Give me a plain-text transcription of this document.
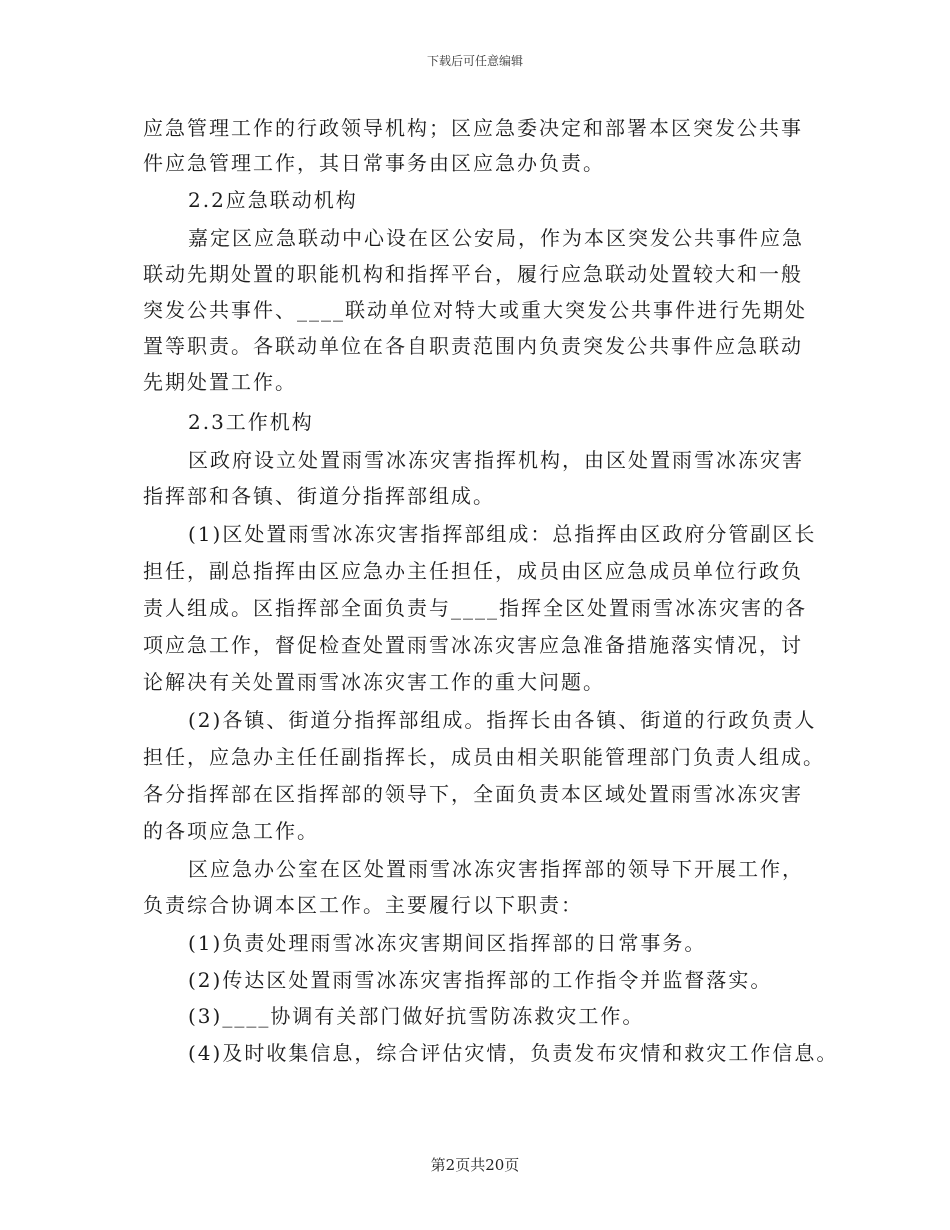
下载后可任意编辑
应急管理工作的行政领导机构；区应急委决定和部署本区突发公共事
件应急管理工作，其日常事务由区应急办负责。
2.2应急联动机构
嘉定区应急联动中心设在区公安局，作为本区突发公共事件应急
联动先期处置的职能机构和指挥平台，履行应急联动处置较大和一般
突发公共事件、____联动单位对特大或重大突发公共事件进行先期处
置等职责。各联动单位在各自职责范围内负责突发公共事件应急联动
先期处置工作。
2.3工作机构
区政府设立处置雨雪冰冻灾害指挥机构，由区处置雨雪冰冻灾害
指挥部和各镇、街道分指挥部组成。
(1)区处置雨雪冰冻灾害指挥部组成：总指挥由区政府分管副区长
担任，副总指挥由区应急办主任担任，成员由区应急成员单位行政负
责人组成。区指挥部全面负责与____指挥全区处置雨雪冰冻灾害的各
项应急工作，督促检查处置雨雪冰冻灾害应急准备措施落实情况，讨
论解决有关处置雨雪冰冻灾害工作的重大问题。
(2)各镇、街道分指挥部组成。指挥长由各镇、街道的行政负责人
担任，应急办主任任副指挥长，成员由相关职能管理部门负责人组成。
各分指挥部在区指挥部的领导下，全面负责本区域处置雨雪冰冻灾害
的各项应急工作。
区应急办公室在区处置雨雪冰冻灾害指挥部的领导下开展工作，
负责综合协调本区工作。主要履行以下职责：
(1)负责处理雨雪冰冻灾害期间区指挥部的日常事务。
(2)传达区处置雨雪冰冻灾害指挥部的工作指令并监督落实。
(3)____协调有关部门做好抗雪防冻救灾工作。
(4)及时收集信息，综合评估灾情，负责发布灾情和救灾工作信息。
第2页共20页
